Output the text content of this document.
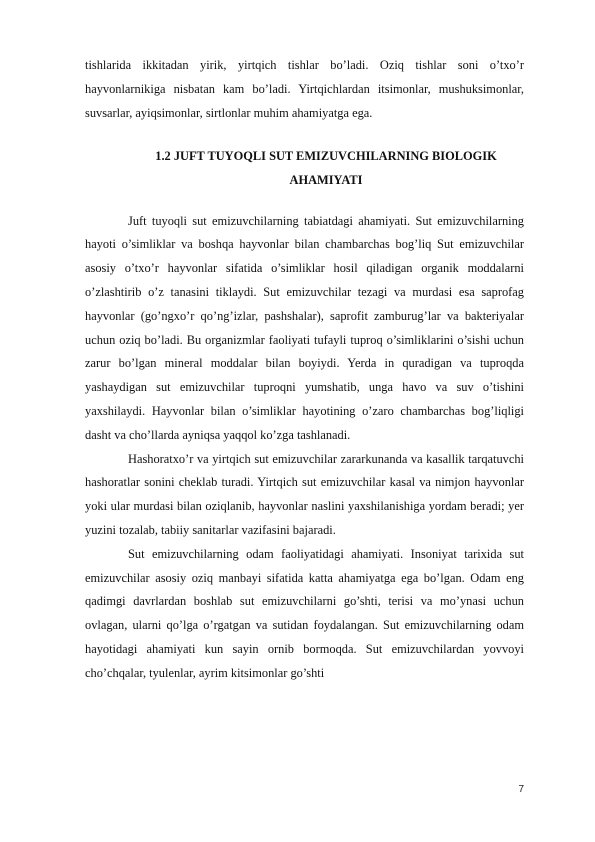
tishlarida ikkitadan yirik, yirtqich tishlar bo’ladi. Oziq tishlar soni o’txo’r hayvonlarnikiga nisbatan kam bo’ladi. Yirtqichlardan itsimonlar, mushuksimonlar, suvsarlar, ayiqsimonlar, sirtlonlar muhim ahamiyatga ega.

1.2 JUFT TUYOQLI SUT EMIZUVCHILARNING BIOLOGIK AHAMIYATI

Juft tuyoqli sut emizuvchilarning tabiatdagi ahamiyati. Sut emizuvchilarning hayoti o’simliklar va boshqa hayvonlar bilan chambarchas bog’liq Sut emizuvchilar asosiy o’txo’r hayvonlar sifatida o’simliklar hosil qiladigan organik moddalarni o’zlashtirib o’z tanasini tiklaydi. Sut emizuvchilar tezagi va murdasi esa saprofag hayvonlar (go’ngxo’r qo’ng’izlar, pashshalar), saprofit zamburug’lar va bakteriyalar uchun oziq bo’ladi. Bu organizmlar faoliyati tufayli tuproq o’simliklarini o’sishi uchun zarur bo’lgan mineral moddalar bilan boyiydi. Yerda in quradigan va tuproqda yashaydigan sut emizuvchilar tuproqni yumshatib, unga havo va suv o’tishini yaxshilaydi. Hayvonlar bilan o’simliklar hayotining o’zaro chambarchas bog’liqligi dasht va cho’llarda ayniqsa yaqqol ko’zga tashlanadi.

Hashoratxo’r va yirtqich sut emizuvchilar zararkunanda va kasallik tarqatuvchi hashoratlar sonini cheklab turadi. Yirtqich sut emizuvchilar kasal va nimjon hayvonlar yoki ular murdasi bilan oziqlanib, hayvonlar naslini yaxshilanishiga yordam beradi; yer yuzini tozalab, tabiiy sanitarlar vazifasini bajaradi.

Sut emizuvchilarning odam faoliyatidagi ahamiyati. Insoniyat tarixida sut emizuvchilar asosiy oziq manbayi sifatida katta ahamiyatga ega bo’lgan. Odam eng qadimgi davrlardan boshlab sut emizuvchilarni go’shti, terisi va mo’ynasi uchun ovlagan, ularni qo’lga o’rgatgan va sutidan foydalangan. Sut emizuvchilarning odam hayotidagi ahamiyati kun sayin ornib bormoqda. Sut emizuvchilardan yovvoyi cho’chqalar, tyulenlar, ayrim kitsimonlar go’shti

7
